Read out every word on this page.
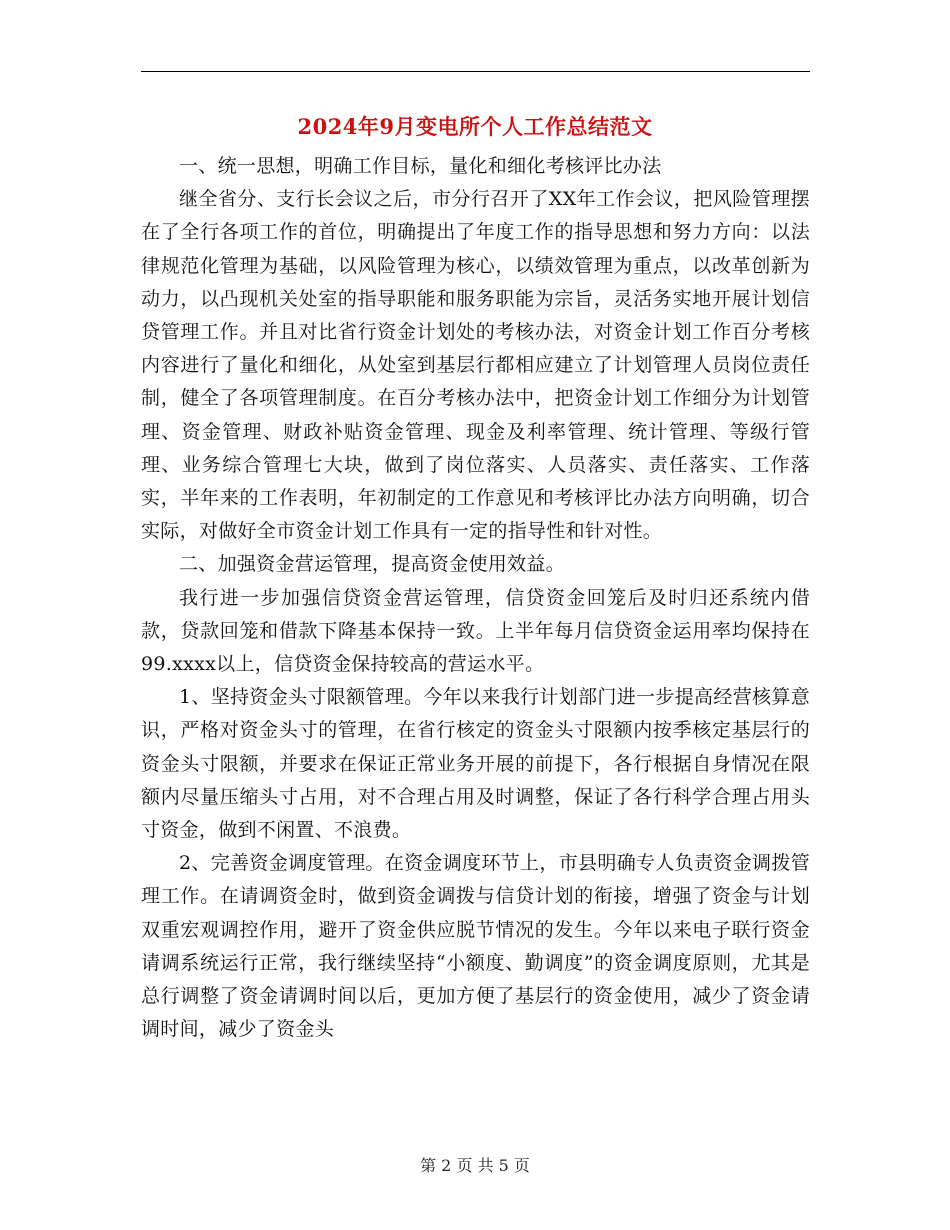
2024年9月变电所个人工作总结范文

一、统一思想，明确工作目标，量化和细化考核评比办法

继全省分、支行长会议之后，市分行召开了XX年工作会议，把风险管理摆在了全行各项工作的首位，明确提出了年度工作的指导思想和努力方向：以法律规范化管理为基础，以风险管理为核心，以绩效管理为重点，以改革创新为动力，以凸现机关处室的指导职能和服务职能为宗旨，灵活务实地开展计划信贷管理工作。并且对比省行资金计划处的考核办法，对资金计划工作百分考核内容进行了量化和细化，从处室到基层行都相应建立了计划管理人员岗位责任制，健全了各项管理制度。在百分考核办法中，把资金计划工作细分为计划管理、资金管理、财政补贴资金管理、现金及利率管理、统计管理、等级行管理、业务综合管理七大块，做到了岗位落实、人员落实、责任落实、工作落实，半年来的工作表明，年初制定的工作意见和考核评比办法方向明确，切合实际，对做好全市资金计划工作具有一定的指导性和针对性。

二、加强资金营运管理，提高资金使用效益。

我行进一步加强信贷资金营运管理，信贷资金回笼后及时归还系统内借款，贷款回笼和借款下降基本保持一致。上半年每月信贷资金运用率均保持在99.xxxx以上，信贷资金保持较高的营运水平。

1、坚持资金头寸限额管理。今年以来我行计划部门进一步提高经营核算意识，严格对资金头寸的管理，在省行核定的资金头寸限额内按季核定基层行的资金头寸限额，并要求在保证正常业务开展的前提下，各行根据自身情况在限额内尽量压缩头寸占用，对不合理占用及时调整，保证了各行科学合理占用头寸资金，做到不闲置、不浪费。

2、完善资金调度管理。在资金调度环节上，市县明确专人负责资金调拨管理工作。在请调资金时，做到资金调拨与信贷计划的衔接，增强了资金与计划双重宏观调控作用，避开了资金供应脱节情况的发生。今年以来电子联行资金请调系统运行正常，我行继续坚持“小额度、勤调度”的资金调度原则，尤其是总行调整了资金请调时间以后，更加方便了基层行的资金使用，减少了资金请调时间，减少了资金头

第 2 页 共 5 页
